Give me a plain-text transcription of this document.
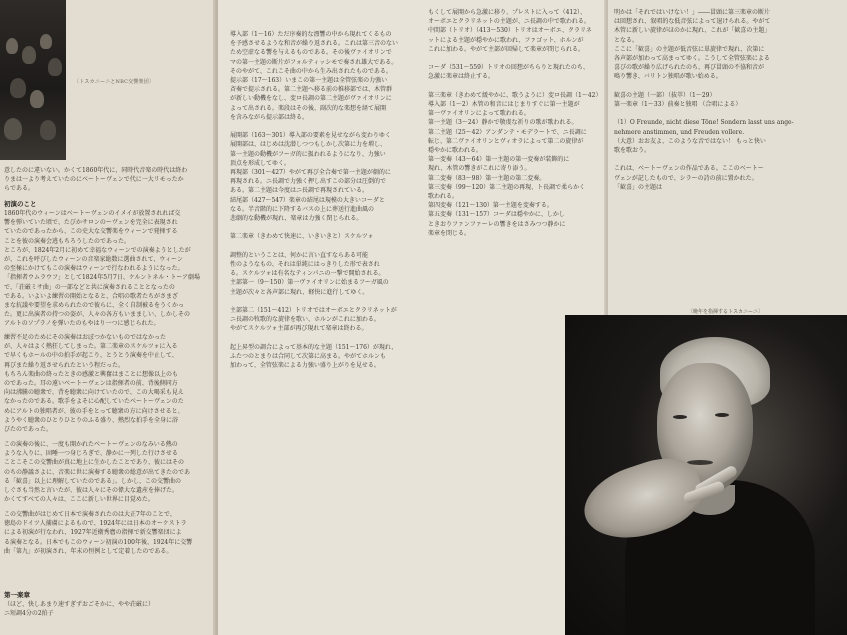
〔トスカニーニとNBC交響楽団〕
意したのに違いない。かくて1860年代に、同時代音楽の時代は終わ
りまは一より考えていたのにベートーヴェンで代に一大リモったか
らである。
初演のこと
1860年代のウィーンはベートーヴェンのイメイが放置されれば交
響を弾いていた頃で、たびかサロンのーヴェンを完全に表現され
ていたのであったから、この史大な交響楽をウィーンで発揮する
ことを彼の演奏会逃もちろうしたのであった。
ところが、1824年2月に初めて幸福なウィーンでの演奏ようとしたが
が、これを呼びしたウィーンの音楽家総数に選曲されて、ウィーン
の至極にかけてもこの演奏はウィーンで行なわれるようになった。
「指揮者ウムラウフ」として1824年5月7日、ケルントネル・トーア劇場
で、「荘厳ミサ曲」の一部などと共に演奏されることとなったの
である。いよいよ練習の開始となると、合唱の歌者たちがさまざ
まな抗議や要望を求められたので彼らに、全く自制被るをうくかっ
た。更に出演者の持つの姿が、人々の各方もいまましい、しかしその
アルトのソプラノを弾いたのもやはり一つに感じられた。
練習不足のためにその演奏はおぼつかないものではなかった
が、人々はよく熱狂してしまった。第二楽章のスケルツォに入る
で早くもホールの中の拍手が起こり、とうとう演奏を中止して、
再びまた繰り返させられたという程だった。
もちろん楽曲の終ったときの感激と興奮はまことに想像以上のも
のであった。耳の遠いベートーヴェンは指揮者の前、背後側同方
向は沸騰の聴衆で、背を聴衆に向けていたので、この大喝采も見え
なかったのである。歌手をよそに心配していたベートーヴェンのた
めにアルトの独唱者が、彼の手をとって聴衆の方に向けさせると、
ようやく聴衆のひとりひとりのふる盛り、熱烈な拍手を全身に浴
びたのであった。
この演奏の後に、一度も開かれたベートーヴェンのなみいる熱の
ような入りに、固唾一つ身じろぎで、静かに一列した行けさせる
ことこそこの交響曲が真に地上に生かしたことであり、彼にはその
のちの静謐さよに、音楽に世に演奏する聴衆の総意が出てきたのであ
る「歓喜」以上に理解していたのである」。しかし、この交響曲の
しぐさも当然と言いたが、彼は人々にその偉大な遺産を捧げた。
かくてすべての人々は、ここに新しい世界に目覚めた。
この交響曲がはじめて日本で演奏されたのは大正7年のことで、
徳島のドイツ人捕虜によるもので、1924年には日本のオーケストラ
による初演が行なわれ、1927年近衛秀麿の指揮で新交響楽団によ
る演奏となる。日本でもこのウィーン初演の100年後、1924年に交響
曲「第九」が初演され、年末の恒例として定着したのである。
第一楽章
（ほど、快しあまり速すぎずおごそかに、やや荘厳に）
ニ短調4分の2拍子
導入部（1～16）ただ序奏的な漂響の中から現れてくるもの
を予感させるような和音が繰り返される。これは第三音のない
ため空虚なる響を与えるものである。その後ヴァイオリンで
マの第一主題の断片がフォルティッシモで奏され雄大である。
そのやがて、これこそ曲の中から生み出されたものである。
提示部（17～163）いまこの第一主題は全管弦楽の力強い
斉奏で提示される。第二主題へ移る前の推移部では、木管群
が新しい動機をなし、変ロ長調の第二主題がヴァイオリンに
よって出される。楽段はその後、副次的な楽想を経て展開
を含みながら提示部は終る。
展開部（163～301）導入部の要素を見せながら変わりゆく
展開部は、はじめは沈潜しつつもしかし次第に力を増し、
第一主題の動機がフーガ的に扱われるようになり、力強い
頂点を形成してゆく。
再現部（301～427）やがて再び全合奏で第一主題が劇的に
再現される。ニ長調で力強く押し出すこの部分は圧倒的で
ある。第二主題は今度はニ長調で再現されている。
結尾部（427～547）楽章の結尾は規模の大きいコーダと
なる。半音階的に下降するバスの上に葬送行進曲風の
悲劇的な動機が現れ、楽章は力強く閉じられる。
第二楽章（きわめて快速に、いきいきと）スケルツォ
調整的ということは、何かに言い直すならある可能
性のようなもの、それは単純にはっきりした形で表され
る。スケルツォは有名なティンパニの一撃で開始される。
主部第一（9～150）第一ヴァイオリンに始まるフーガ風の
主題が次々と各声部に現れ、軽快に進行してゆく。
主部第二（151～412）トリオではオーボエとクラリネットが
ニ長調の牧歌的な旋律を歌い、ホルンがこれに加わる。
やがてスケルツォ主部が再び現れて楽章は終わる。
起上昇型の調合によって基本的な主題（151～176）が現れ、
ふたつのとまりは合同して次第に高まる。やがてホルンも
加わって、全管弦楽による力強い盛り上がりを見せる。
もくして展開から急激に移り、プレストに入って（412）、
オーボエとクラリネットの主題が、ニ長調の中で歌われる。
中間部（トリオ）（413～530）トリオはオーボエ、クラリネ
ットによる主題が穏やかに歌われ、ファゴット、ホルンが
これに加わる。やがて主部が回帰して楽章が閉じられる。
コーダ（531～559）トリオの回想がちらりと現れたのち、
急激に楽章は終止する。
第三楽章（きわめて緩やかに、歌うように）変ロ長調（1～42）
導入部（1～2）木管の和音にはじまりすぐに第一主題が
第一ヴァイオリンによって歌われる。
第一主題（3～24）静かで敬虔な祈りの歌が歌われる。
第二主題（25～42）アンダンテ・モデラートで、ニ長調に
転じ、第二ヴァイオリンとヴィオラによって第二の旋律が
穏やかに歌われる。
第一変奏（43～64）第一主題の第一変奏が装飾的に
現れ、木管の響きがこれに寄り添う。
第二変奏（83～98）第一主題の第二変奏。
第三変奏（99～120）第二主題の再現、ト長調で柔らかく
歌われる。
第四変奏（121～130）第一主題を変奏する。
第五変奏（131～157）コーダは穏やかに、しかし
ときおりファンファーレの響きをはさみつつ静かに
楽章を閉じる。
明かは「それではいけない！」――冒頭に第三楽章の断片
は回想され、叙唱的な低音弦によって退けられる。やがて
木管に新しい旋律がほのかに現れ、これが「歓喜の主題」
となる。
ここに「歓喜」の主題が低音弦に単旋律で現れ、次第に
各声部が加わって高まってゆく。こうして全管弦楽による
喜びの歌が繰り広げられたのち、再び冒頭の不協和音が
鳴り響き、バリトン独唱が歌い始める。
歓喜の主題（一部）（抜萃）（1～29）
第一楽章（1～33）前奏と独唱 （合唱による）
（1）O Freunde, nicht diese Töne! Sondern lasst uns ange-
nehmere anstimmen, und Freuden vollere.
（大意）おお友よ、このような音ではない！ もっと快い
歌を歌おう。
これは、ベートーヴェンの作品である。ここのベートー
ヴェンが記したもので、シラーの詩の前に置かれた。
「歓喜」の主題は
〔晩年を指揮するトスカニーニ〕
